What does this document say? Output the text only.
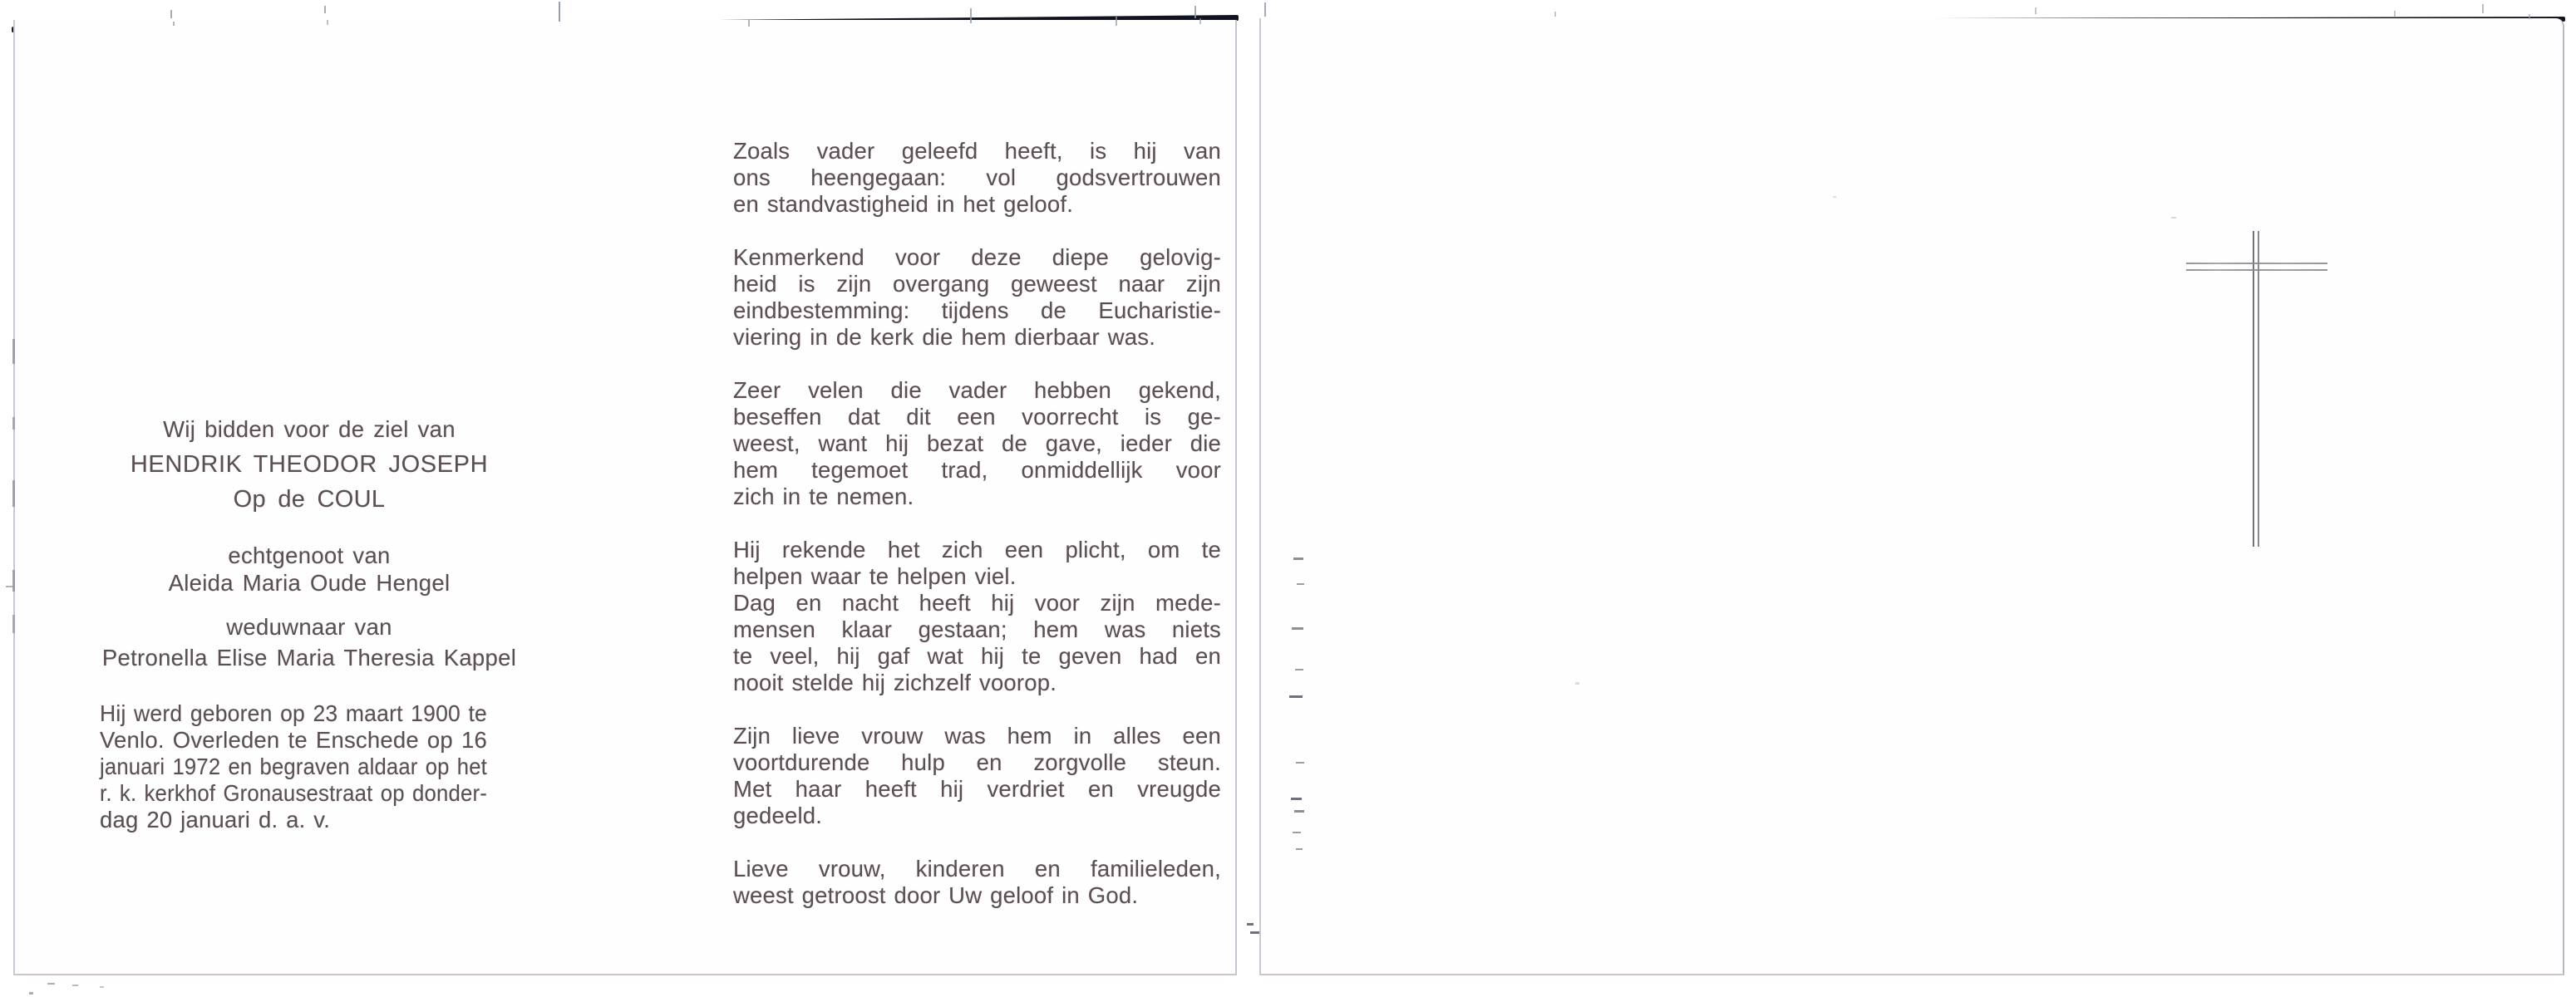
Wij bidden voor de ziel van
HENDRIK THEODOR JOSEPH
Op de COUL
echtgenoot van
Aleida Maria Oude Hengel
weduwnaar van
Petronella Elise Maria Theresia Kappel
Hij werd geboren op 23 maart 1900 te
Venlo. Overleden te Enschede op 16
januari 1972 en begraven aldaar op het
r. k. kerkhof Gronausestraat op donder-
dag 20 januari d. a. v.
Zoals vader geleefd heeft, is hij van
ons heengegaan: vol godsvertrouwen
en standvastigheid in het geloof.
Kenmerkend voor deze diepe gelovig-
heid is zijn overgang geweest naar zijn
eindbestemming: tijdens de Eucharistie-
viering in de kerk die hem dierbaar was.
Zeer velen die vader hebben gekend,
beseffen dat dit een voorrecht is ge-
weest, want hij bezat de gave, ieder die
hem tegemoet trad, onmiddellijk voor
zich in te nemen.
Hij rekende het zich een plicht, om te
helpen waar te helpen viel.
Dag en nacht heeft hij voor zijn mede-
mensen klaar gestaan; hem was niets
te veel, hij gaf wat hij te geven had en
nooit stelde hij zichzelf voorop.
Zijn lieve vrouw was hem in alles een
voortdurende hulp en zorgvolle steun.
Met haar heeft hij verdriet en vreugde
gedeeld.
Lieve vrouw, kinderen en familieleden,
weest getroost door Uw geloof in God.
